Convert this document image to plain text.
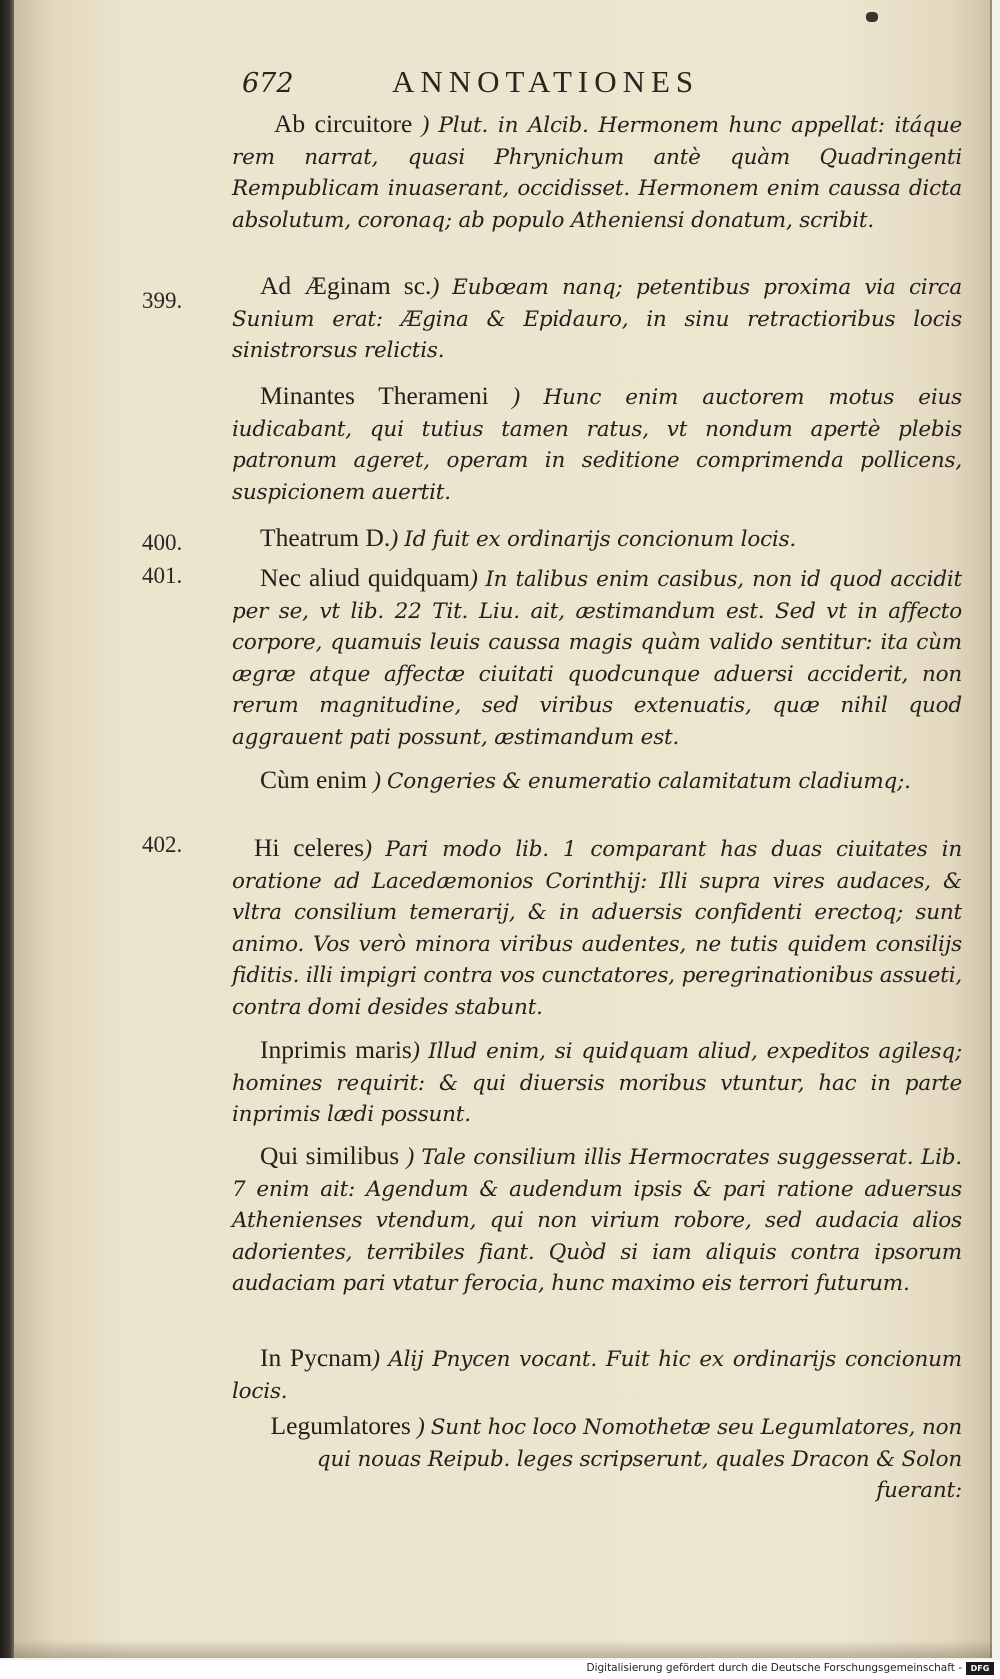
672	ANNOTATIONES
399.
400.
401.
402.
Ab circuitore ) Plut. in Alcib. Hermonem hunc appellat: itáque rem narrat, quasi Phrynichum antè quàm Quadringenti Rempublicam inuaserant, occidisset. Hermonem enim caussa dicta absolutum, coronaq; ab populo Atheniensi donatum, scribit.
Ad Æginam sc.) Eubœam nanq; petentibus proxima via circa Sunium erat: Ægina & Epidauro, in sinu retractioribus locis sinistrorsus relictis.
Minantes Therameni ) Hunc enim auctorem motus eius iudicabant, qui tutius tamen ratus, vt nondum apertè plebis patronum ageret, operam in seditione comprimenda pollicens, suspicionem auertit.
Theatrum D.) Id fuit ex ordinarijs concionum locis.
Nec aliud quidquam) In talibus enim casibus, non id quod accidit per se, vt lib. 22 Tit. Liu. ait, æstimandum est. Sed vt in affecto corpore, quamuis leuis caussa magis quàm valido sentitur: ita cùm ægræ atque affectæ ciuitati quodcunque aduersi acciderit, non rerum magnitudine, sed viribus extenuatis, quæ nihil quod aggrauent pati possunt, æstimandum est.
Cùm enim ) Congeries & enumeratio calamitatum cladiumq;.
Hi celeres) Pari modo lib. 1 comparant has duas ciuitates in oratione ad Lacedæmonios Corinthij: Illi supra vires audaces, & vltra consilium temerarij, & in aduersis confidenti erectoq; sunt animo. Vos verò minora viribus audentes, ne tutis quidem consilijs fiditis. illi impigri contra vos cunctatores, peregrinationibus assueti, contra domi desides stabunt.
Inprimis maris) Illud enim, si quidquam aliud, expeditos agilesq; homines requirit: & qui diuersis moribus vtuntur, hac in parte inprimis lædi possunt.
Qui similibus ) Tale consilium illis Hermocrates suggesserat. Lib. 7 enim ait: Agendum & audendum ipsis & pari ratione aduersus Athenienses vtendum, qui non virium robore, sed audacia alios adorientes, terribiles fiant. Quòd si iam aliquis contra ipsorum audaciam pari vtatur ferocia, hunc maximo eis terrori futurum.
In Pycnam) Alij Pnycen vocant. Fuit hic ex ordinarijs concionum locis.
Legumlatores ) Sunt hoc loco Nomothetæ seu Legumlatores, non qui nouas Reipub. leges scripserunt, quales Dracon & Solon fuerant:
Digitalisierung gefördert durch die Deutsche Forschungsgemeinschaft -	DFG
